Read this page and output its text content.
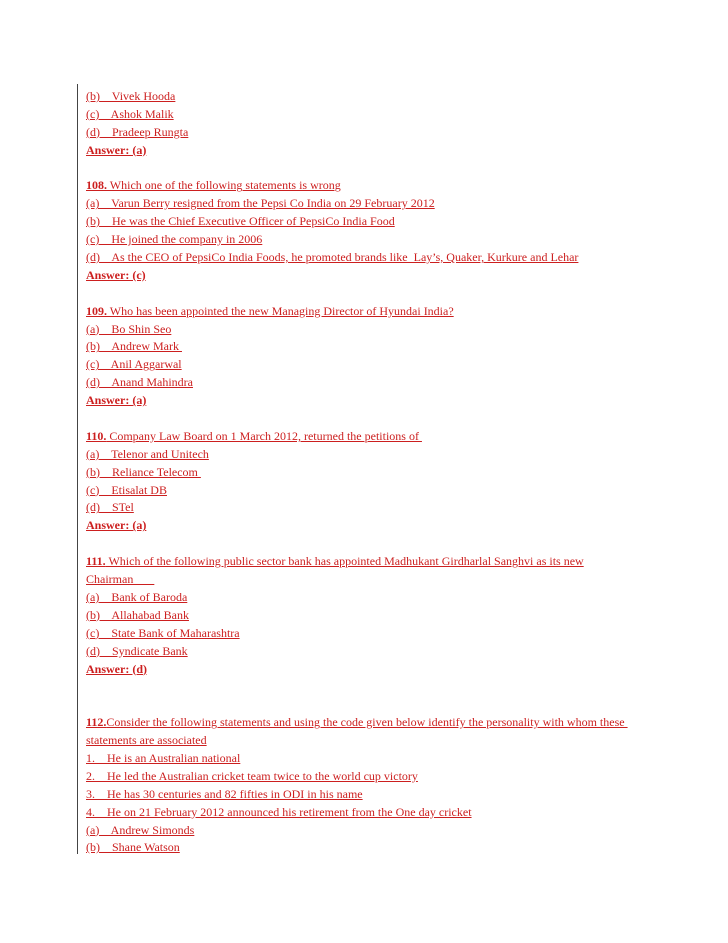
(b)    Vivek Hooda
(c)    Ashok Malik
(d)    Pradeep Rungta
Answer: (a)
108. Which one of the following statements is wrong
(a)    Varun Berry resigned from the Pepsi Co India on 29 February 2012
(b)    He was the Chief Executive Officer of PepsiCo India Food
(c)    He joined the company in 2006
(d)    As the CEO of PepsiCo India Foods, he promoted brands like  Lay’s, Quaker, Kurkure and Lehar
Answer: (c)
109. Who has been appointed the new Managing Director of Hyundai India?
(a)    Bo Shin Seo
(b)    Andrew Mark
(c)    Anil Aggarwal
(d)    Anand Mahindra
Answer: (a)
110. Company Law Board on 1 March 2012, returned the petitions of
(a)    Telenor and Unitech
(b)    Reliance Telecom
(c)    Etisalat DB
(d)    STel
Answer: (a)
111. Which of the following public sector bank has appointed Madhukant Girdharlal Sanghvi as its new
Chairman
(a)    Bank of Baroda
(b)    Allahabad Bank
(c)    State Bank of Maharashtra
(d)    Syndicate Bank
Answer: (d)
112.Consider the following statements and using the code given below identify the personality with whom these
statements are associated
1.    He is an Australian national
2.    He led the Australian cricket team twice to the world cup victory
3.    He has 30 centuries and 82 fifties in ODI in his name
4.    He on 21 February 2012 announced his retirement from the One day cricket
(a)    Andrew Simonds
(b)    Shane Watson
